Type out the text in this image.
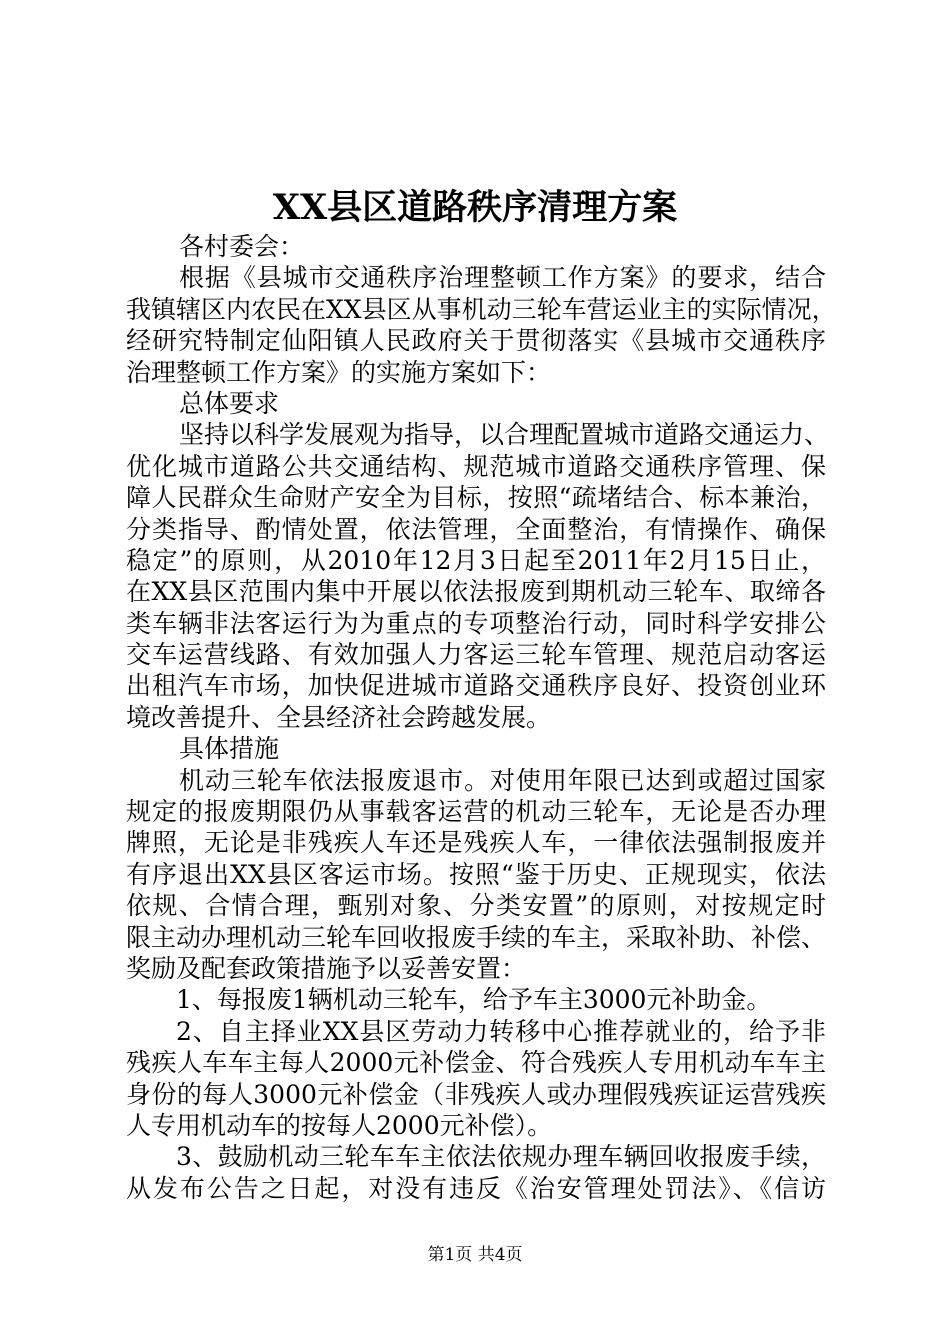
XX县区道路秩序清理方案
各村委会：
根据《县城市交通秩序治理整顿工作方案》的要求，结合
我镇辖区内农民在XX县区从事机动三轮车营运业主的实际情况，
经研究特制定仙阳镇人民政府关于贯彻落实《县城市交通秩序
治理整顿工作方案》的实施方案如下：
总体要求
坚持以科学发展观为指导，以合理配置城市道路交通运力、
优化城市道路公共交通结构、规范城市道路交通秩序管理、保
障人民群众生命财产安全为目标，按照“疏堵结合、标本兼治，
分类指导、酌情处置，依法管理，全面整治，有情操作、确保
稳定”的原则，从2010年12月3日起至2011年2月15日止，
在XX县区范围内集中开展以依法报废到期机动三轮车、取缔各
类车辆非法客运行为为重点的专项整治行动，同时科学安排公
交车运营线路、有效加强人力客运三轮车管理、规范启动客运
出租汽车市场，加快促进城市道路交通秩序良好、投资创业环
境改善提升、全县经济社会跨越发展。
具体措施
机动三轮车依法报废退市。对使用年限已达到或超过国家
规定的报废期限仍从事载客运营的机动三轮车，无论是否办理
牌照，无论是非残疾人车还是残疾人车，一律依法强制报废并
有序退出XX县区客运市场。按照“鉴于历史、正规现实，依法
依规、合情合理，甄别对象、分类安置”的原则，对按规定时
限主动办理机动三轮车回收报废手续的车主，采取补助、补偿、
奖励及配套政策措施予以妥善安置：
1、每报废1辆机动三轮车，给予车主3000元补助金。
2、自主择业XX县区劳动力转移中心推荐就业的，给予非
残疾人车车主每人2000元补偿金、符合残疾人专用机动车车主
身份的每人3000元补偿金（非残疾人或办理假残疾证运营残疾
人专用机动车的按每人2000元补偿）。
3、鼓励机动三轮车车主依法依规办理车辆回收报废手续，
从发布公告之日起，对没有违反《治安管理处罚法》、《信访
第1页 共4页
